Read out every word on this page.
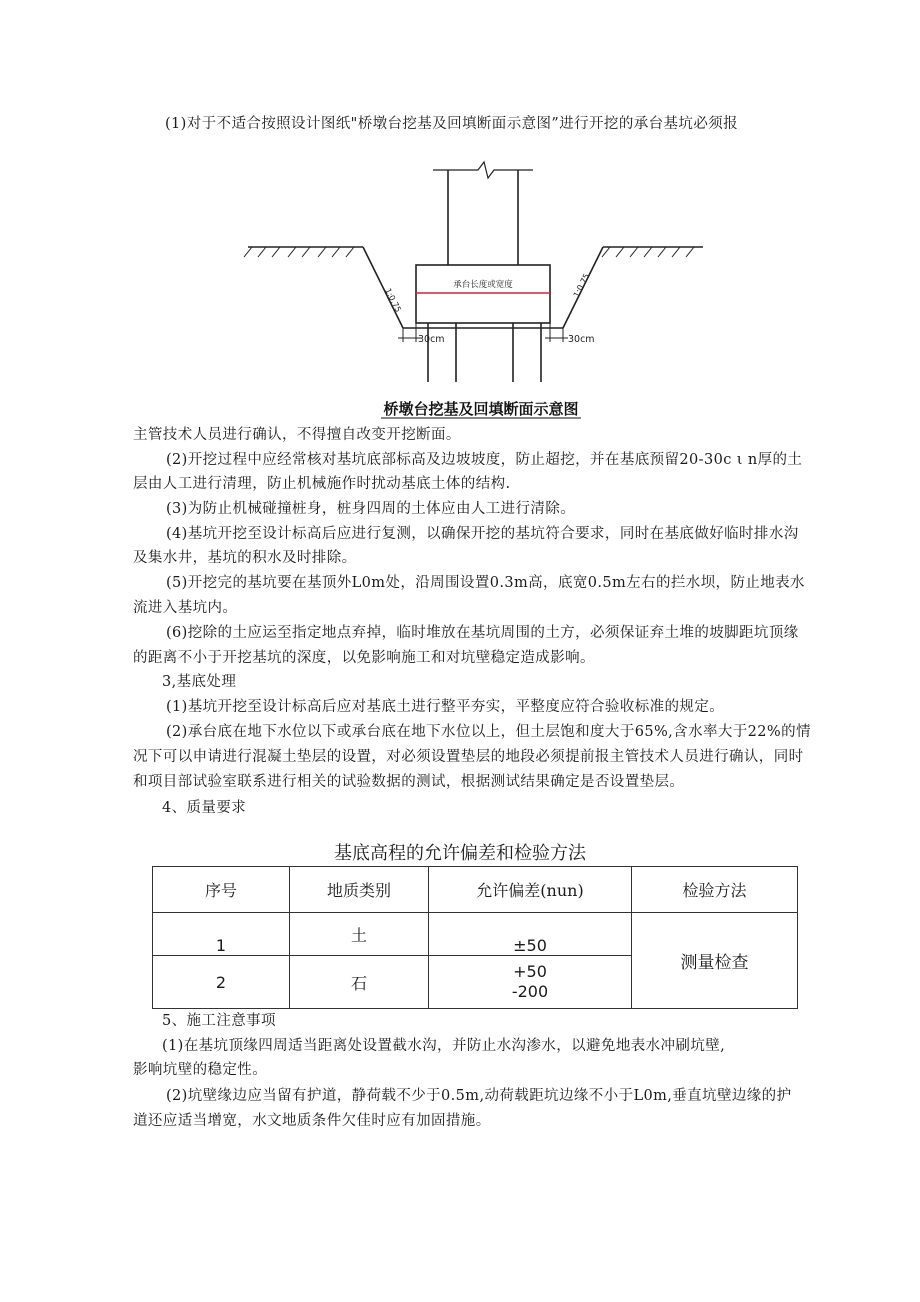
(1)对于不适合按照设计图纸"桥墩台挖基及回填断面示意图”进行开挖的承台基坑必须报
承台长度或宽度
1:0.75
1:0.75
30cm	30cm
桥墩台挖基及回填断面示意图
主管技术人员进行确认，不得擅自改变开挖断面。
(2)开挖过程中应经常核对基坑底部标高及边坡坡度，防止超挖，并在基底预留20-30c ι n厚的土
层由人工进行清理，防止机械施作时扰动基底土体的结构.
(3)为防止机械碰撞桩身，桩身四周的土体应由人工进行清除。
(4)基坑开挖至设计标高后应进行复测，以确保开挖的基坑符合要求，同时在基底做好临时排水沟
及集水井，基坑的积水及时排除。
(5)开挖完的基坑要在基顶外L0m处，沿周围设置0.3m高，底宽0.5m左右的拦水坝，防止地表水
流进入基坑内。
(6)挖除的土应运至指定地点弃掉，临时堆放在基坑周围的土方，必须保证弃土堆的坡脚距坑顶缘
的距离不小于开挖基坑的深度，以免影响施工和对坑壁稳定造成影响。
3,基底处理
(1)基坑开挖至设计标高后应对基底土进行整平夯实，平整度应符合验收标准的规定。
(2)承台底在地下水位以下或承台底在地下水位以上，但土层饱和度大于65%,含水率大于22%的情
况下可以申请进行混凝土垫层的设置，对必须设置垫层的地段必须提前报主管技术人员进行确认，同时
和项目部试验室联系进行相关的试验数据的测试，根据测试结果确定是否设置垫层。
4、质量要求
基底高程的允许偏差和检验方法
序号	地质类别	允许偏差(nun)	检验方法
1	土	±50	测量检查
2	石	+50
-200	
5、施工注意事项
(1)在基坑顶缘四周适当距离处设置截水沟，并防止水沟渗水，以避免地表水冲刷坑壁,
影响坑壁的稳定性。
(2)坑壁缘边应当留有护道，静荷载不少于0.5m,动荷载距坑边缘不小于L0m,垂直坑壁边缘的护
道还应适当增宽，水文地质条件欠佳时应有加固措施。
